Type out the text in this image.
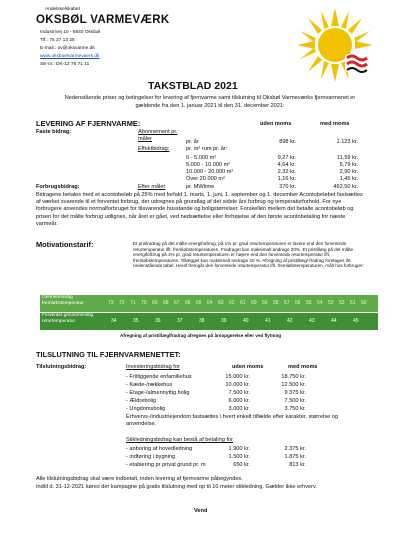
Andelsselskabet
OKSBØL VARMEVÆRK
Industrivej 10 - 6840 Oksbøl
Tlf.: 75 27 13 25
E-mail.: ov@oksvarme.dk
www.oksboelvarmevaerk.dk
SE-nr.: DK-12 78 71 11
TAKSTBLAD 2021
Nedenstående priser og betingelser for levering af fjernvarme samt tilslutning til Oksbøl Varmeværks fjernvarmenet er gældende fra den 1. januar 2021 til den 31. december 2021:
LEVERING AF FJERNVARME:	uden moms	med moms
Faste bidrag:	Abonnement pr. måler
Effektbidrag:
pr. år	898 kr.	1.123 kr.
pr. m² rum pr. år:
0 - 5.000 m²	9,27 kr.	11,59 kr.
5.000 - 10.000 m²	4,64 kr.	5,79 kr.
10.000 - 20.000 m²	2,32 kr.	2,90 kr.
Over 20.000 m²	1,16 kr.	1,45 kr.
Forbrugsbidrag:	Efter måler	pr. MWtime	370 kr.	462,50 kr.
Bidragene betales med et acontobeløb på 25% med forfald 1. marts, 1. juni, 1. september og 1. december Acontobeløbet fastsættes af værket svarende til et forventet forbrug, der udregnes på grundlag af det sidste års forbrug og temperaturforhold. For nye forbrugere anvendes normalforbruget for tilsvarende husstande og boligstørrelser. Forskellen mellem det betalte acontobeløb og prisen for det målte forbrug udlignes, når året er gået, ved nedsættelse eller forhøjelse af den første acontobetaling for næste varmeår.
Motivationstarif:	Et prisfradrag på det målte energiforbrug, på 1% pr. grad returtemperaturen er lavere end den forventede returtemperatur iflt. fremløbstemperaturen. Fradraget kan maksimalt andrage 20%. Et pristillæg på det målte energiforbrug på 1% pr. grad returtemperaturen er højere end den forventede returtemperatur iflt. fremløbstemperaturen. Tillægget kan maksimalt andrage 20 %. Afregning af pristillæg/-fradrag foretages iht. nedenstående tabel. Heraf fremgår den forventede returtemperatur iflt. fremløbstemperaturen, målt hos forbruger:
Gennemsnitlig fremløbstemperatur	73 72 71 70 69 68 67 66 65 64 63 62 61 60 59 58 57 56 55 54 53 52 51 50
Forventet gennemsnitlig returtemperatur	34	35	36	37	38	39	40	41	42	43	44	45
Afregning af pristillæg/fradrag afregnes på årsopgørelse eller ved flytning
TILSLUTNING TIL FJERNVARMENETTET:
Tilslutningsbidrag:	Investeringsbidrag for	uden moms	med moms
- Fritliggende enfamiliehus	15.000 kr.	18.750 kr.
- Kæde-/rækkehus	10.000 kr.	12.500 kr.
- Etage-/almennyttig bolig	7.500 kr.	9.375 kr.
- Ældrebolig	6.000 kr.	7.500 kr.
- Ungdomsbolig	3.000 kr.	3.750 kr.
Erhvervs-/industriejendom fastsættes i hvert enkelt tilfælde efter karakter, størrelse og anvendelse.
Stikledningsbidrag kan bestå af betaling for
- anboring af hovedledning	1.900 kr.	2.375 kr.
- indføring i bygning	1.500 kr.	1.875 kr.
- etablering pr privat grund pr. m	650 kr.	813 kr.
Alle tilslutningsbidrag skal være indbetalt, inden levering af fjernvarme påbegyndes.
Indtil d. 31-12-2021 køres der kampagne på gratis tilslutning med op til 10 meter stikledning. Gælder ikke erhverv.
Vend
